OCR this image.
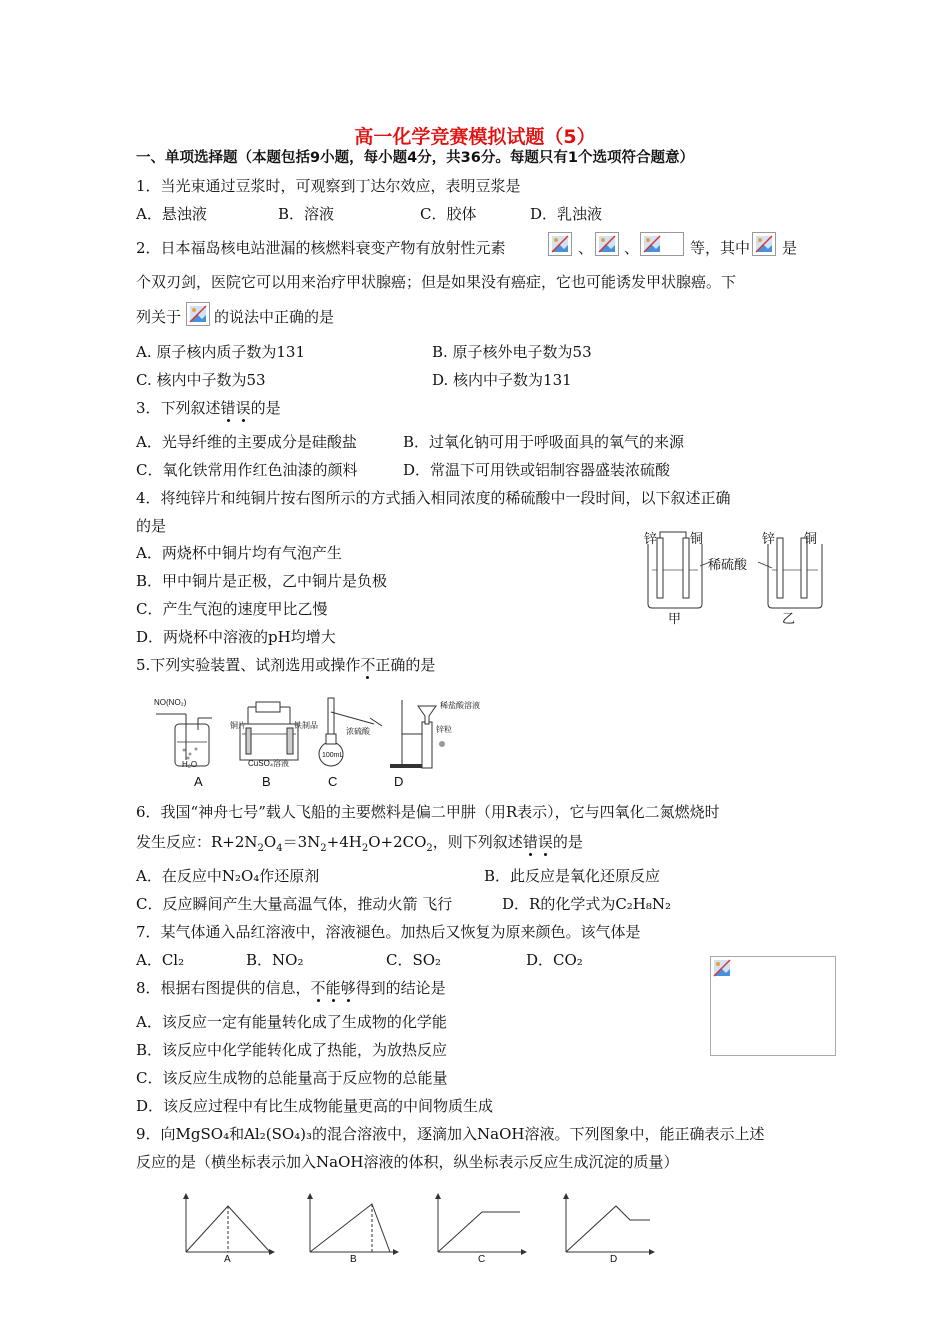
高一化学竞赛模拟试题（5）
一、单项选择题（本题包括9小题，每小题4分，共36分。每题只有1个选项符合题意）
1．当光束通过豆浆时，可观察到丁达尔效应，表明豆浆是
A．悬浊液	B．溶液	C．胶体	D．乳浊液
2．日本福岛核电站泄漏的核燃料衰变产物有放射性元素	、 、	等，其中 是
个双刃剑，医院它可以用来治疗甲状腺癌；但是如果没有癌症，它也可能诱发甲状腺癌。下
列关于 的说法中正确的是
A. 原子核内质子数为131	B. 原子核外电子数为53
C. 核内中子数为53	D. 核内中子数为131
3．下列叙述错误的是
A．光导纤维的主要成分是硅酸盐	B．过氧化钠可用于呼吸面具的氧气的来源
C．氧化铁常用作红色油漆的颜料	D．常温下可用铁或铝制容器盛装浓硫酸
4．将纯锌片和纯铜片按右图所示的方式插入相同浓度的稀硫酸中一段时间，以下叙述正确
的是
A．两烧杯中铜片均有气泡产生
B．甲中铜片是正极，乙中铜片是负极
C．产生气泡的速度甲比乙慢
D．两烧杯中溶液的pH均增大
锌	铜	锌 铜
稀硫酸
甲	乙
5.下列实验装置、试剂选用或操作不正确的是
NO(NO₂)
H₂O
铜片	铁制品
CuSO₄溶液
浓硫酸
100mL
稀盐酸溶液
锌粒
A	B	C	D
6．我国“神舟七号”载人飞船的主要燃料是偏二甲肼（用R表示），它与四氧化二氮燃烧时
发生反应：$R+2N_2O_4=3N_2+4H_2O+2CO_2$，则下列叙述错误的是
A．在反应中N₂O₄作还原剂	B．此反应是氧化还原反应
C．反应瞬间产生大量高温气体，推动火箭 飞行	D．R的化学式为C₂H₈N₂
7．某气体通入品红溶液中，溶液褪色。加热后又恢复为原来颜色。该气体是
A．Cl₂	B．NO₂	C．SO₂	D．CO₂
8．根据右图提供的信息，不能够得到的结论是
A．该反应一定有能量转化成了生成物的化学能
B．该反应中化学能转化成了热能，为放热反应
C．该反应生成物的总能量高于反应物的总能量
D．该反应过程中有比生成物能量更高的中间物质生成
9．向MgSO₄和Al₂(SO₄)₃的混合溶液中，逐滴加入NaOH溶液。下列图象中，能正确表示上述
反应的是（横坐标表示加入NaOH溶液的体积，纵坐标表示反应生成沉淀的质量）
A	B	C	D
